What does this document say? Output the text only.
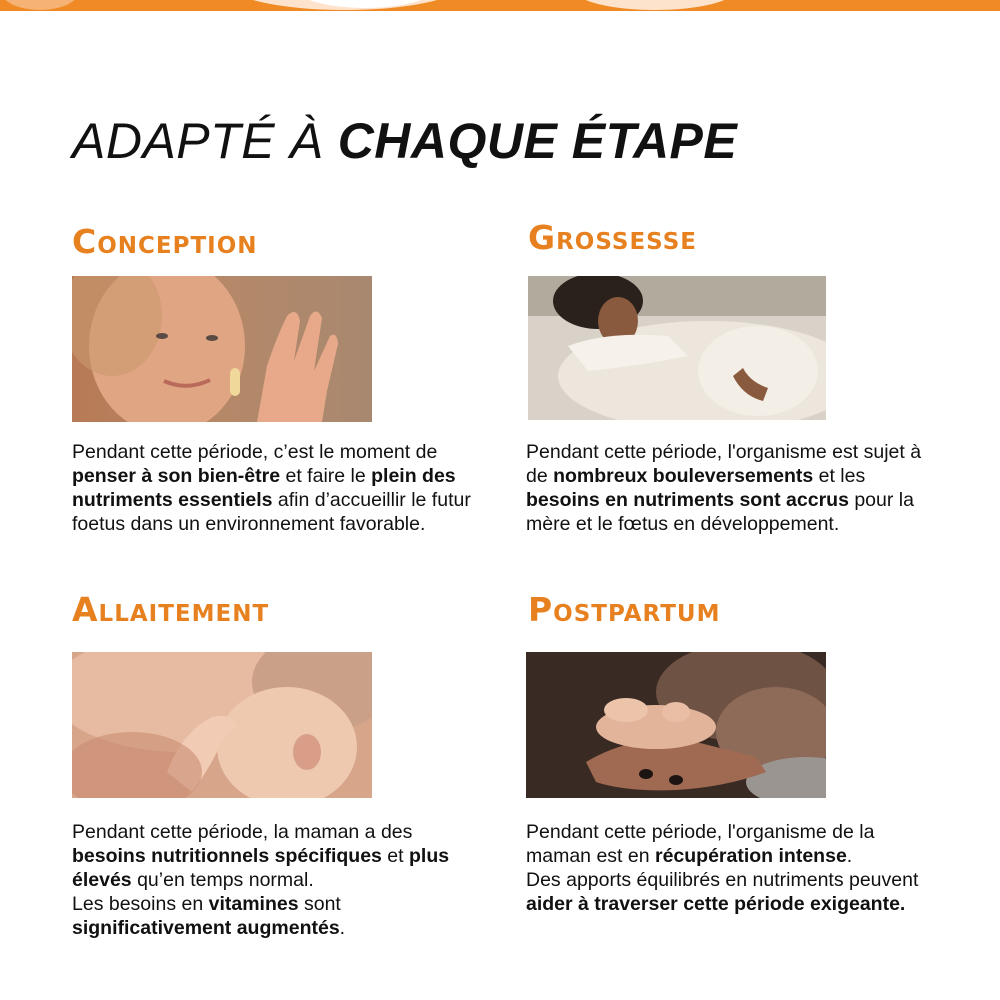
ADAPTÉ À CHAQUE ÉTAPE
Conception

Pendant cette période, c’est le moment de penser à son bien-être et faire le plein des nutriments essentiels afin d’accueillir le futur foetus dans un environnement favorable.

Grossesse

Pendant cette période, l'organisme est sujet à de nombreux bouleversements et les besoins en nutriments sont accrus pour la mère et le fœtus en développement.

Allaitement

Pendant cette période, la maman a des besoins nutritionnels spécifiques et plus élevés qu’en temps normal.
Les besoins en vitamines sont significativement augmentés.

Postpartum

Pendant cette période, l'organisme de la maman est en récupération intense.
Des apports équilibrés en nutriments peuvent aider à traverser cette période exigeante.
